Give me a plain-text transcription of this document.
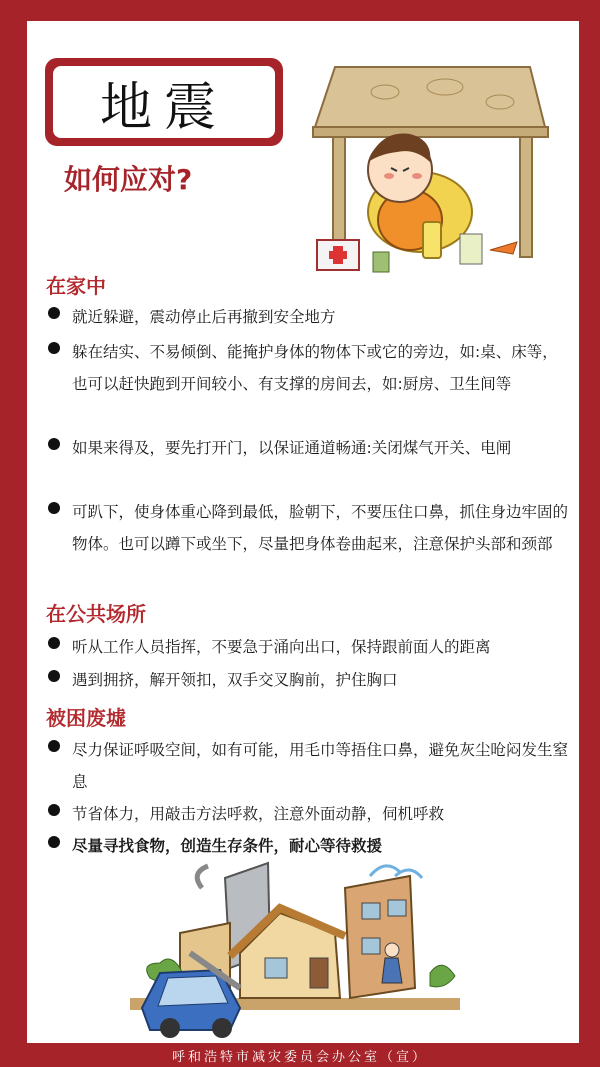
地震
如何应对?
在家中
在公共场所
被困废墟
就近躲避，震动停止后再撤到安全地方
躲在结实、不易倾倒、能掩护身体的物体下或它的旁边，如:桌、床等，也可以赶快跑到开间较小、有支撑的房间去，如:厨房、卫生间等
如果来得及，要先打开门，以保证通道畅通:关闭煤气开关、电闸
可趴下，使身体重心降到最低，脸朝下，不要压住口鼻，抓住身边牢固的物体。也可以蹲下或坐下，尽量把身体卷曲起来，注意保护头部和颈部
听从工作人员指挥，不要急于涌向出口，保持跟前面人的距离
遇到拥挤，解开领扣，双手交叉胸前，护住胸口
尽力保证呼吸空间，如有可能，用毛巾等捂住口鼻，避免灰尘呛闷发生窒息
节省体力，用敲击方法呼救，注意外面动静，伺机呼救
尽量寻找食物，创造生存条件，耐心等待救援
呼和浩特市减灾委员会办公室（宣）
